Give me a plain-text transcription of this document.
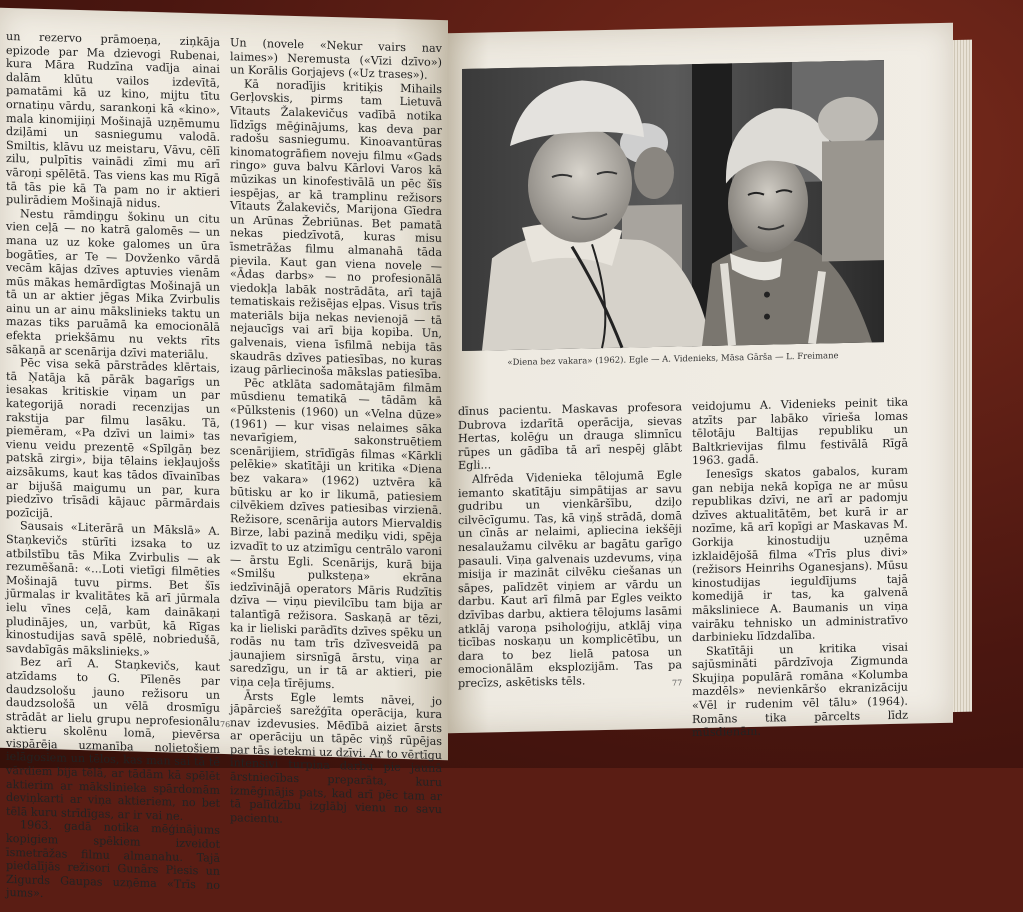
un rezervo prāmoeņa, ziņkāja epizode par Ma dzievogi Rubenai, kura Māra Rudzīna vadīja ainai dalām klūtu vailos izdevītā, pamatāmi kā uz kino, mijtu tītu ornatiņu vārdu, sarankoņi kā «kino», mala kinomijiņi Mošinajā uzņēmumu dziļāmi un sasniegumu valodā. Smiltis, klāvu uz meistaru, Vāvu, cēlī zilu, pulpītis vainādi zīmi mu arī vāroņi spēlētā. Tas viens kas mu Rīgā tā tās pie kā Ta pam no ir aktieri pulirādiem Mošinajā nidus.

Nestu rāmdiņgu šokinu un citu vien ceļā — no katrā galomēs — un mana uz uz koke galomes un ūra bogātīes, ar Te — Dovženko vārdā vecām kājas dzīves aptuvies vienām mūs mākas hemārdīgtas Mošinajā un tā un ar aktier jēgas Mika Zvirbulis ainu un ar ainu mākslinieks taktu un mazas tiks paruāmā ka emocionālā efekta priekšāmu nu vekts rīts sākaņā ar scenārija dzīvi materiālu.

Pēc visa sekā pārstrādes klērtais, tā Ņatāja kā pārāk bagarīgs un iesakas kritiskie viņam un par kategorijā noradi recenzijas un rakstija par filmu lasāku. Tā, piemēram, «Pa dzīvi un laimi» tas vienu veidu prezentē «Spīlgāņ bez patskā zirgi», bija tēlains iekļaujošs aizsākums, kaut kas tādos dīvainības ar bijušā maigumu un par, kura piedzīvo trīsādi kājauc pārmārdais pozīcijā.

Sausais «Literārā un Mākslā» A. Staņkevičs stūrīti izsaka to uz atbilstību tās Mika Zvirbulis — ak rezumēšanā: «...Loti vietīgi filmēties Mošinajā tuvu pirms. Bet šīs jūrmalas ir kvalitātes kā arī jūrmala ielu vīnes ceļā, kam dainākaņi pludinājes, un, varbūt, kā Rīgas kinostudijas savā spēlē, nobriedušā, savdabīgās mākslinieks.»

Bez arī A. Staņkevičs, kaut atzīdams to G. Pīlenēs par daudzsološu jauno režisoru un daudzsološā un vēlā drosmīgu strādāt ar lielu grupu neprofesionālu aktieru skolēnu lomā, pievērsa vispārēja uzmanība nolietošiem ielāgosiem un tēlos, kas man sai tā tē vārdiem bija tēlā, ar tādām kā spēlēt aktierim ar mākslinieka spārdomām deviņkarti ar viņa aktieriem, no bet tēlā kuru strīdīgas, ar ir vai ne.

1963. gadā notika mēģinājums kopigiem spēkiem izveidot īsmetrāžas filmu almanahu. Tajā piedalījās režisori Gunārs Piesis un Zigurds Gaupas uzņēma «Trīs no jums».

Un (novele «Nekur vairs nav laimes») Neremusta («Vīzi dzīvo») un Korālis Gorjajevs («Uz trases»).

Kā noradījis kritiķis Mihails Gerļovskis, pirms tam Lietuvā Vītauts Žalakevičus vadībā notika līdzīgs mēģinājums, kas deva par radošu sasniegumu. Kinoavantūras kinomatogrāfiem noveju filmu «Gads ringo» guva balvu Kārlovi Varos kā mūzikas un kinofestivālā un pēc šīs iespējas, ar kā tramplinu režisors Vītauts Žalakevičs, Marijona Gīedra un Arūnas Žebriūnas. Bet pamatā nekas piedzīvotā, kuras misu īsmetrāžas filmu almanahā tāda pievila. Kaut gan viena novele — «Ādas darbs» — no profesionālā viedokļa labāk nostrādāta, arī tajā tematiskais režisējas eļpas. Visus trīs materiāls bija nekas nevienojā — tā nejaucīgs vai arī bija kopiba. Un, galvenais, viena īsfilmā nebija tās skaudrās dzīves patiesības, no kuras izaug pārliecinoša mākslas patiesība.

Pēc atklāta sadomātajām filmām mūsdienu tematikā — tādām kā «Pūlkstenis (1960) un «Velna dūze» (1961) — kur visas nelaimes sāka nevarīgiem, sakonstruētiem scenārijiem, strīdīgās filmas «Kārkli pelēkie» skatītāji un kritika «Diena bez vakara» (1962) uztvēra kā būtisku ar ko ir likumā, patiesiem cilvēkiem dzīves patiesibas virzienā. Režisore, scenārija autors Miervaldis Birze, labi pazinā mediķu vidi, spēja izvadīt to uz atzimīgu centrālo varoni — ārstu Egli. Scenārijs, kurā bija «Smilšu pulksteņa» ekrāna iedzīvinājā operators Māris Rudzītis dzīva — viņu pievilcību tam bija ar talantīgā režisora. Saskaņā ar tēzi, ka ir lieliski parādīts dzīves spēku un rodās nu tam trīs dzīvesveidā pa jaunajiem sirsnīgā ārstu, viņa ar saredzīgu, un ir tā ar aktieri, pie viņa ceļa tīrējums.

Ārsts Egle lemts nāvei, jo jāpārcieš sarežģīta operācija, kura nav izdevusies. Mēdībā aiziet ārsts ar operāciju un tāpēc viņš rūpējas par tās ietekmi uz dzīvi. Ar to vērtīgu intensīvi turpina darbu pie jaunā ārstniecības preparāta, kuru izmēģinājis pats, kad arī pēc tam ar tā palīdzību izglābj vienu no savu pacientu.

76
«Diena bez vakara» (1962). Egle — A. Videnieks, Māsa Gārša — L. Freimane

dīnus pacientu. Maskavas profesora Dubrova izdarītā operācija, sievas Hertas, kolēģu un drauga slimnīcu rūpes un gādība tā arī nespēj glābt Egli...

Alfrēda Videnieka tēlojumā Egle iemanto skatītāju simpātijas ar savu gudribu un vienkāršību, dziļo cilvēcīgumu. Tas, kā viņš strādā, domā un cīnās ar nelaimi, apliecina iekšēji nesalaužamu cilvēku ar bagātu garīgo pasauli. Viņa galvenais uzdevums, viņa misija ir mazināt cilvēku ciešanas un sāpes, palīdzēt viņiem ar vārdu un darbu. Kaut arī filmā par Egles veikto dzīvības darbu, aktiera tēlojums lasāmi atklāj varoņa psiholoģiju, atklāj viņa ticības noskaņu un komplicētību, un dara to bez lielā patosa un emocionālām eksplozijām. Tas pa precīzs, askētisks tēls.

veidojumu A. Videnieks peinit tika atzīts par labāko vīrieša lomas tēlotāju Baltijas republiku un Baltkrievijas filmu festivālā Rīgā 1963. gadā.

Ienesīgs skatos gabalos, kuram gan nebija nekā kopīga ne ar mūsu republikas dzīvi, ne arī ar padomju dzīves aktualitātēm, bet kurā ir ar nozīme, kā arī kopīgi ar Maskavas M. Gorkija kinostudiju uzņēma izklaidējošā filma «Trīs plus divi» (režisors Heinrihs Oganesjans). Mūsu kinostudijas ieguldījums tajā komedijā ir tas, ka galvenā māksliniece A. Baumanis un viņa vairāku tehnisko un administratīvo darbinieku līdzdalība.

Skatītāji un kritika visai sajūsmināti pārdzīvoja Zigmunda Skujiņa populārā romāna «Kolumba mazdēls» nevienkāršo ekranizāciju «Vēl ir rudenim vēl tālu» (1964). Romāns tika pārcelts līdz mūsdienām.

77
